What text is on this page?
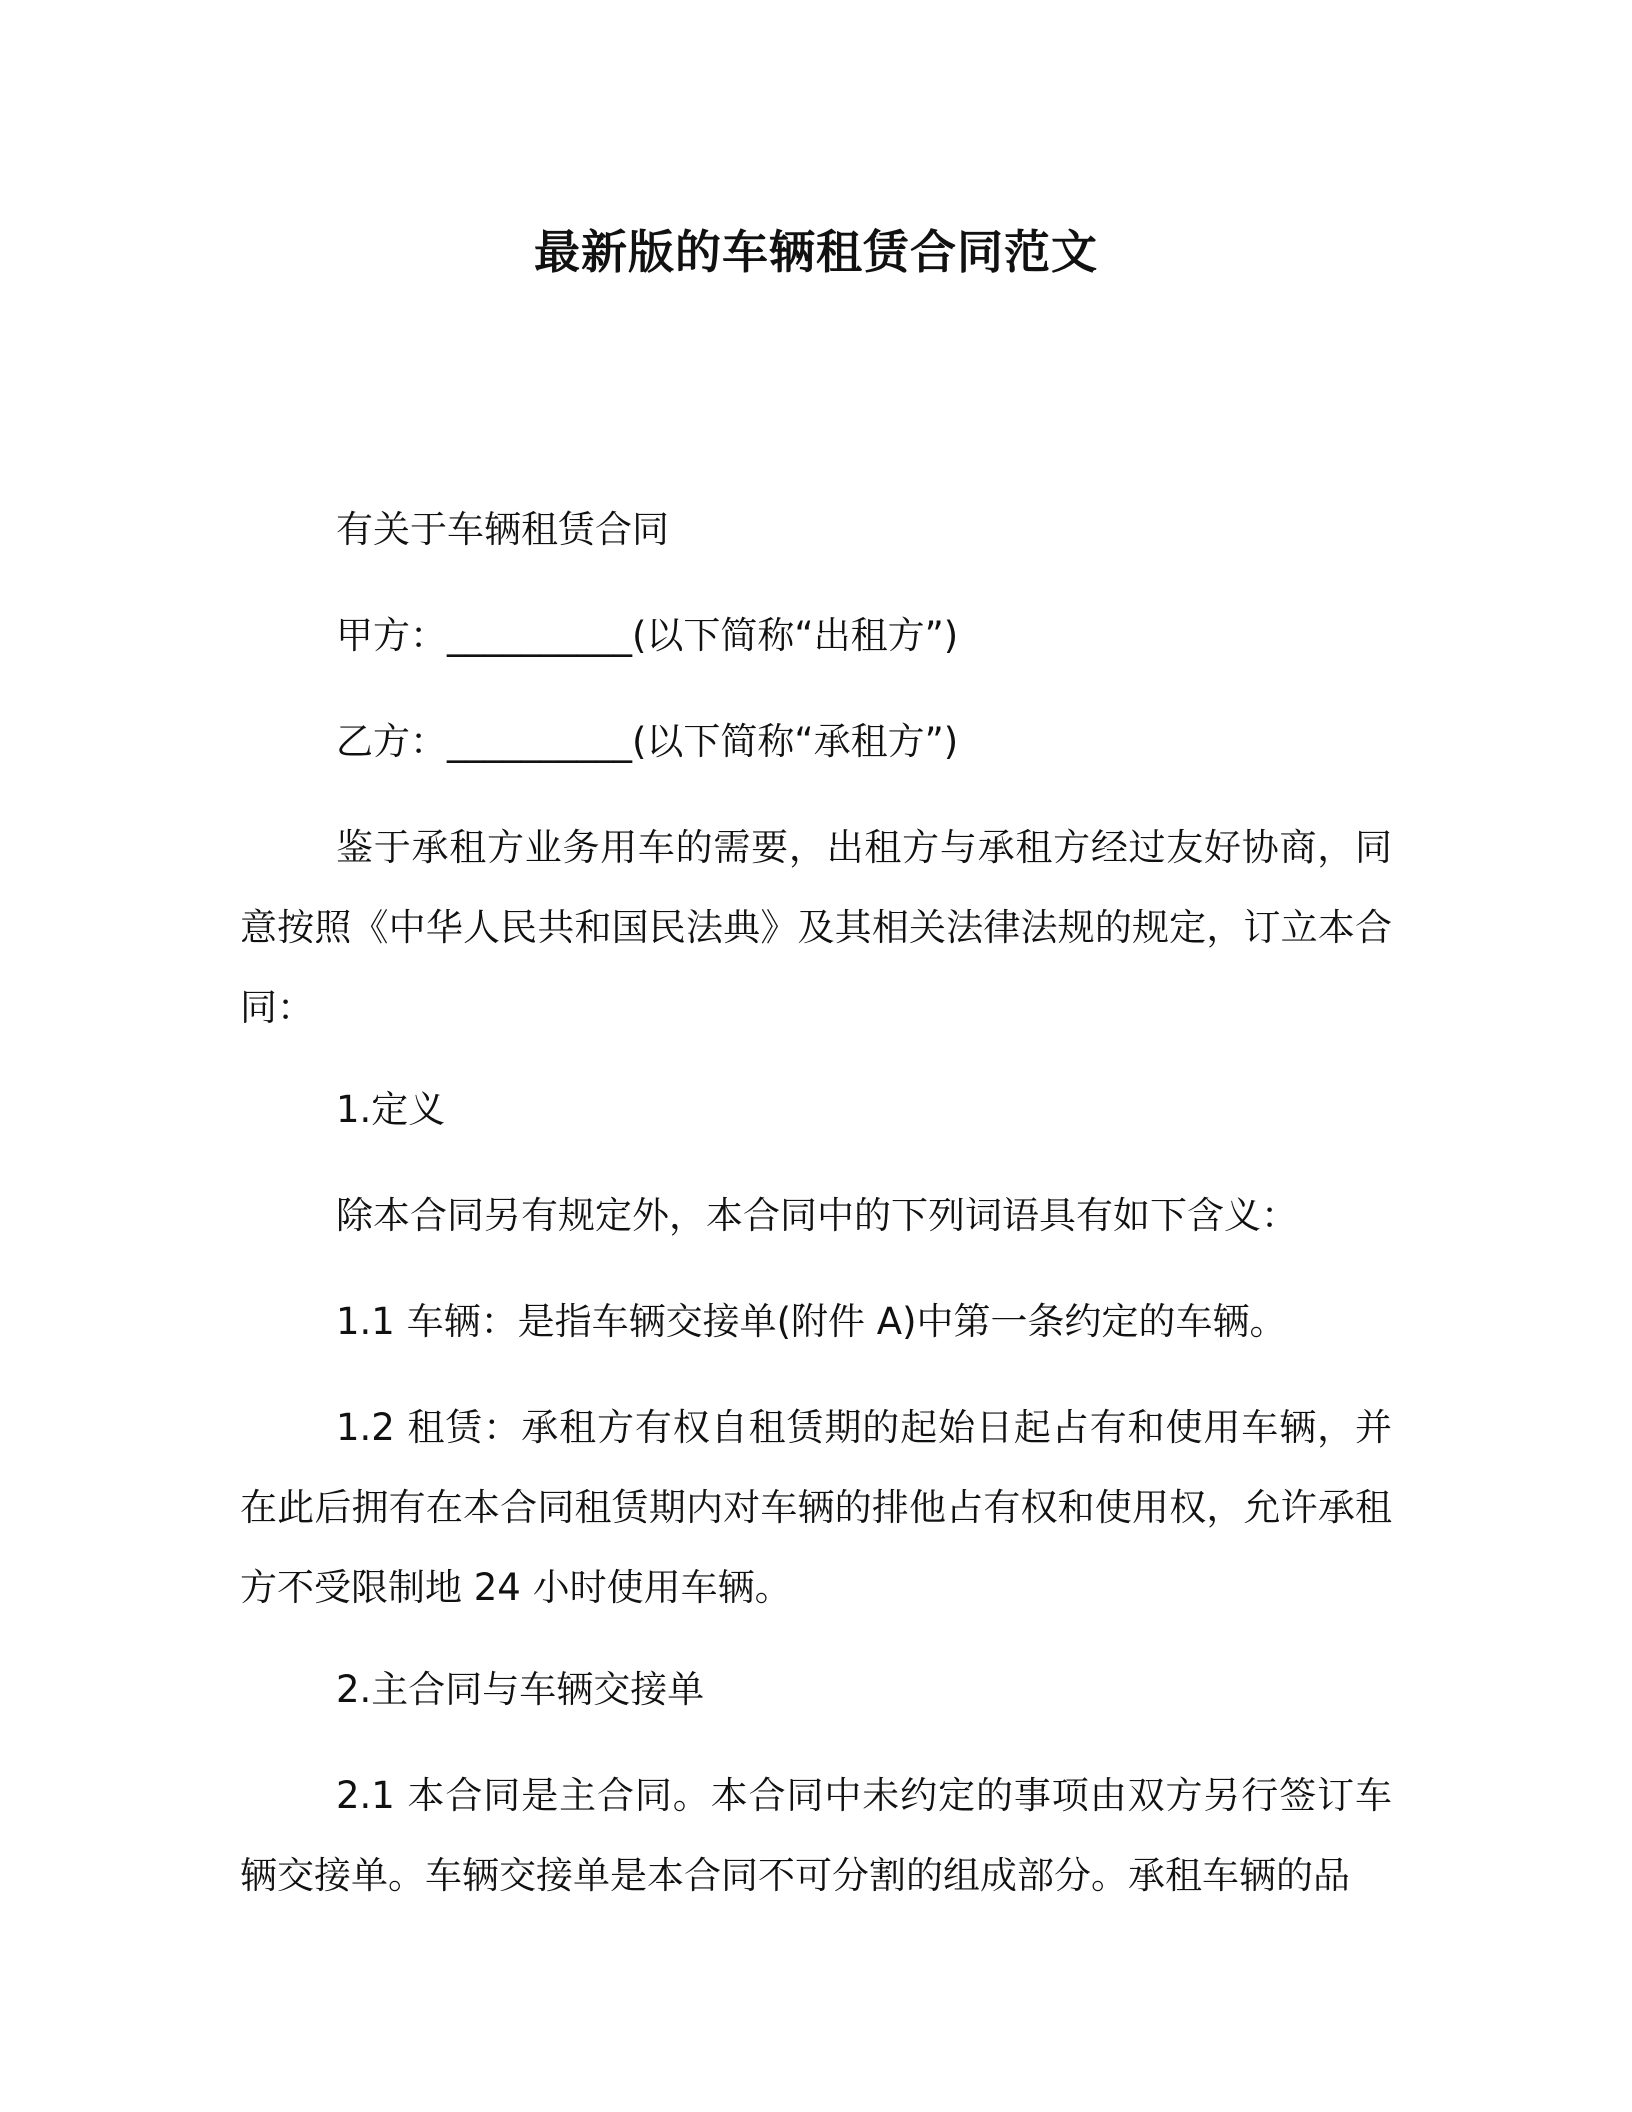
最新版的车辆租赁合同范文

有关于车辆租赁合同

甲方：__________(以下简称“出租方”)

乙方：__________(以下简称“承租方”)

鉴于承租方业务用车的需要，出租方与承租方经过友好协商，同意按照《中华人民共和国民法典》及其相关法律法规的规定，订立本合同：

1.定义

除本合同另有规定外，本合同中的下列词语具有如下含义：

1.1 车辆：是指车辆交接单(附件 A)中第一条约定的车辆。

1.2 租赁：承租方有权自租赁期的起始日起占有和使用车辆，并在此后拥有在本合同租赁期内对车辆的排他占有权和使用权，允许承租方不受限制地 24 小时使用车辆。

2.主合同与车辆交接单

2.1 本合同是主合同。本合同中未约定的事项由双方另行签订车辆交接单。车辆交接单是本合同不可分割的组成部分。承租车辆的品
